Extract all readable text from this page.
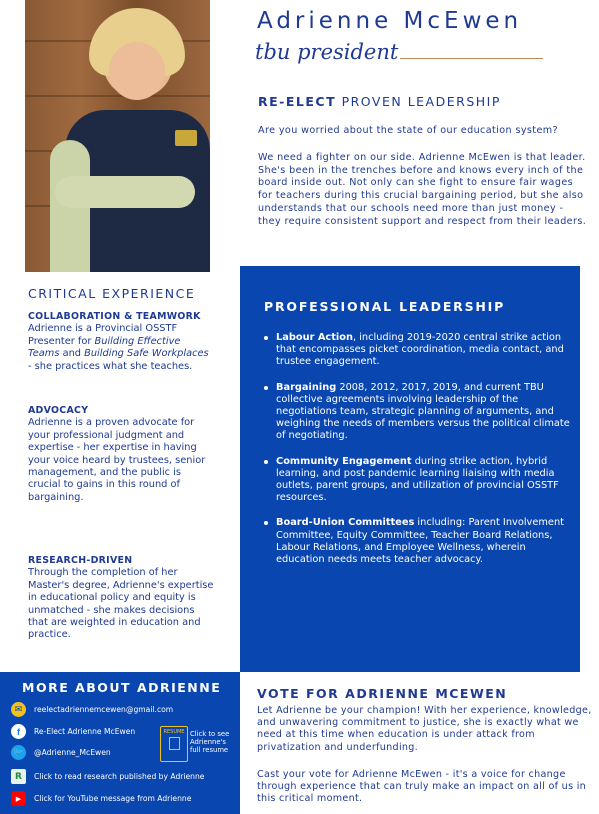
Adrienne McEwen
tbu president
RE-ELECT PROVEN LEADERSHIP
Are you worried about the state of our education system?
We need a fighter on our side. Adrienne McEwen is that leader. She's been in the trenches before and knows every inch of the board inside out. Not only can she fight to ensure fair wages for teachers during this crucial bargaining period, but she also understands that our schools need more than just money - they require consistent support and respect from their leaders.
CRITICAL EXPERIENCE
COLLABORATION & TEAMWORK
Adrienne is a Provincial OSSTF Presenter for Building Effective Teams and Building Safe Workplaces - she practices what she teaches.
ADVOCACY
Adrienne is a proven advocate for your professional judgment and expertise - her expertise in having your voice heard by trustees, senior management, and the public is crucial to gains in this round of bargaining.
RESEARCH-DRIVEN
Through the completion of her Master's degree, Adrienne's expertise in educational policy and equity is unmatched - she makes decisions that are weighted in education and practice.
PROFESSIONAL LEADERSHIP
Labour Action, including 2019-2020 central strike action that encompasses picket coordination, media contact, and trustee engagement.
Bargaining 2008, 2012, 2017, 2019, and current TBU collective agreements involving leadership of the negotiations team, strategic planning of arguments, and weighing the needs of members versus the political climate of negotiating.
Community Engagement during strike action, hybrid learning, and post pandemic learning liaising with media outlets, parent groups, and utilization of provincial OSSTF resources.
Board-Union Committees including: Parent Involvement Committee, Equity Committee, Teacher Board Relations, Labour Relations, and Employee Wellness, wherein education needs meets teacher advocacy.
MORE ABOUT ADRIENNE
✉	reelectadriennemcewen@gmail.com
f	Re-Elect Adrienne McEwen
🐦 @Adrienne_McEwen
R	Click to read research published by Adrienne
▶	Click for YouTube message from Adrienne
RESUME Click to see Adrienne's full resume
VOTE FOR ADRIENNE MCEWEN
Let Adrienne be your champion! With her experience, knowledge, and unwavering commitment to justice, she is exactly what we need at this time when education is under attack from privatization and underfunding.
Cast your vote for Adrienne McEwen - it's a voice for change through experience that can truly make an impact on all of us in this critical moment.
